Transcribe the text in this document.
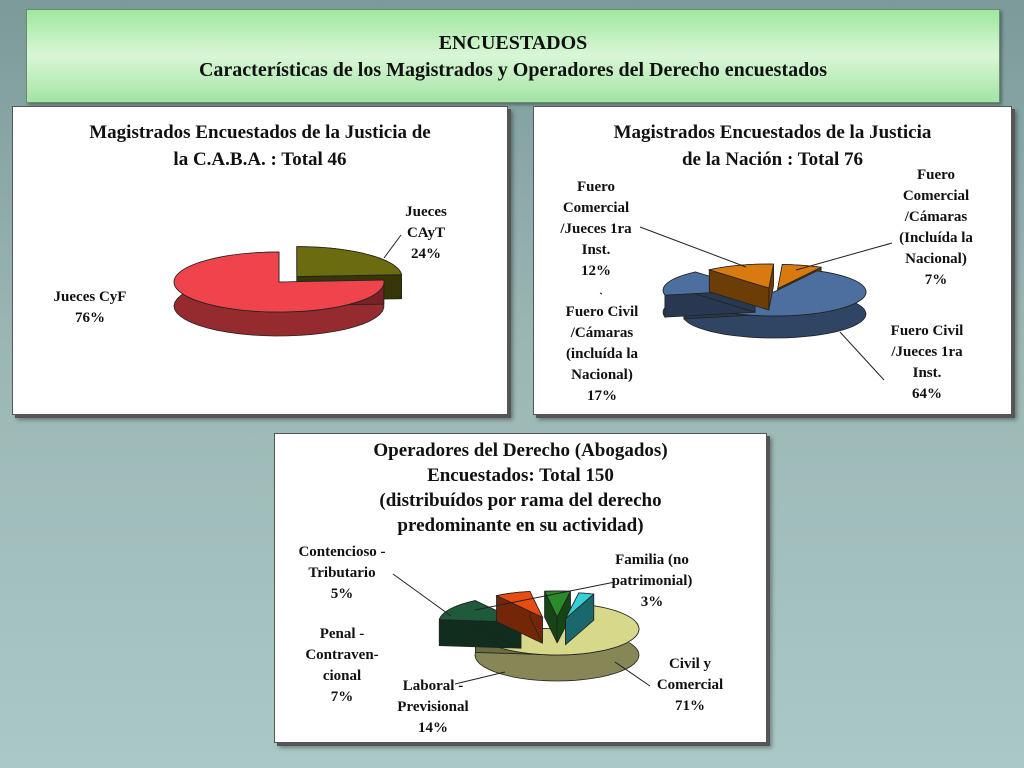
ENCUESTADOS
Características de los Magistrados y Operadores del Derecho encuestados
Magistrados Encuestados de la Justicia de
la C.A.B.A. : Total 46
Jueces
CAyT
24%
Jueces CyF
76%
Magistrados Encuestados de la Justicia
de la Nación : Total 76
Fuero
Comercial
/Jueces 1ra
Inst.
12%
Fuero
Comercial
/Cámaras
(Incluída la
Nacional)
7%
Fuero Civil
/Cámaras
(incluída la
Nacional)
17%
Fuero Civil
/Jueces 1ra
Inst.
64%
Operadores del Derecho (Abogados)
Encuestados: Total 150
(distribuídos por rama del derecho
predominante en su actividad)
Contencioso -
Tributario
5%
Familia (no
patrimonial)
3%
Penal -
Contraven-
cional
7%
Laboral -
Previsional
14%
Civil y
Comercial
71%
